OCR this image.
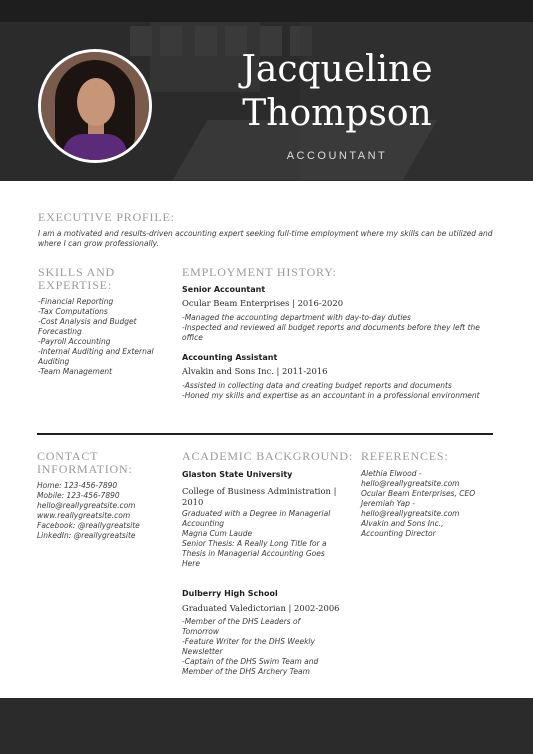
Jacqueline
Thompson
ACCOUNTANT
EXECUTIVE PROFILE:
I am a motivated and results-driven accounting expert seeking full-time employment where my skills can be utilized and where I can grow professionally.
SKILLS AND
EXPERTISE:
-Financial Reporting
-Tax Computations
-Cost Analysis and Budget Forecasting
-Payroll Accounting
-Internal Auditing and External Auditing
-Team Management
EMPLOYMENT HISTORY:
Senior Accountant
Ocular Beam Enterprises | 2016-2020
-Managed the accounting department with day-to-day duties
-Inspected and reviewed all budget reports and documents before they left the office
Accounting Assistant
Alvakin and Sons Inc. | 2011-2016
-Assisted in collecting data and creating budget reports and documents
-Honed my skills and expertise as an accountant in a professional environment
CONTACT
INFORMATION:
Home: 123-456-7890
Mobile: 123-456-7890
hello@reallygreatsite.com
www.reallygreatsite.com
Facebook: @reallygreatsite
LinkedIn: @reallygreatsite
ACADEMIC BACKGROUND:
Glaston State University
College of Business Administration | 2010
Graduated with a Degree in Managerial Accounting
Magna Cum Laude
Senior Thesis: A Really Long Title for a Thesis in Managerial Accounting Goes Here
Dulberry High School
Graduated Valedictorian | 2002-2006
-Member of the DHS Leaders of Tomorrow
-Feature Writer for the DHS Weekly Newsletter
-Captain of the DHS Swim Team and Member of the DHS Archery Team
REFERENCES:
Alethia Elwood -
hello@reallygreatsite.com
Ocular Beam Enterprises, CEO
Jeremiah Yap -
hello@reallygreatsite.com
Alvakin and Sons Inc.,
Accounting Director
